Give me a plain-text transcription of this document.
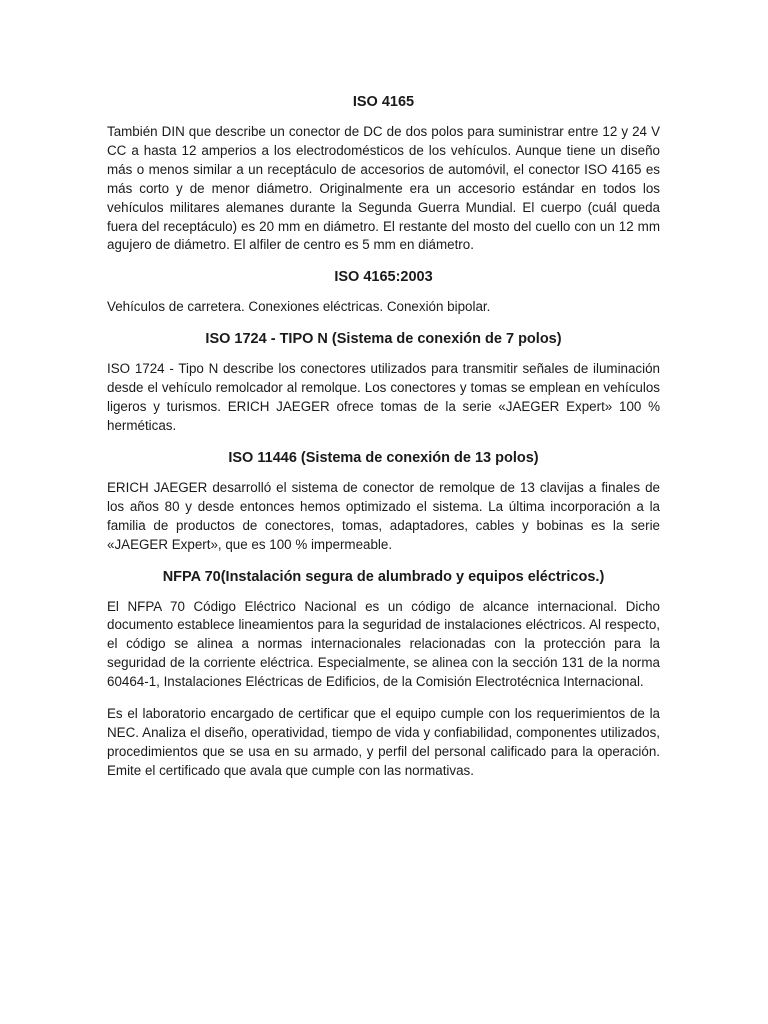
ISO 4165

También DIN que describe un conector de DC de dos polos para suministrar entre 12 y 24 V CC a hasta 12 amperios a los electrodomésticos de los vehículos. Aunque tiene un diseño más o menos similar a un receptáculo de accesorios de automóvil, el conector ISO 4165 es más corto y de menor diámetro. Originalmente era un accesorio estándar en todos los vehículos militares alemanes durante la Segunda Guerra Mundial. El cuerpo (cuál queda fuera del receptáculo) es 20 mm en diámetro. El restante del mosto del cuello con un 12 mm agujero de diámetro. El alfiler de centro es 5 mm en diámetro.

ISO 4165:2003

Vehículos de carretera. Conexiones eléctricas. Conexión bipolar.

ISO 1724 - TIPO N (Sistema de conexión de 7 polos)

ISO 1724 - Tipo N describe los conectores utilizados para transmitir señales de iluminación desde el vehículo remolcador al remolque. Los conectores y tomas se emplean en vehículos ligeros y turismos. ERICH JAEGER ofrece tomas de la serie «JAEGER Expert» 100 % herméticas.

ISO 11446 (Sistema de conexión de 13 polos)

ERICH JAEGER desarrolló el sistema de conector de remolque de 13 clavijas a finales de los años 80 y desde entonces hemos optimizado el sistema. La última incorporación a la familia de productos de conectores, tomas, adaptadores, cables y bobinas es la serie «JAEGER Expert», que es 100 % impermeable.

NFPA 70(Instalación segura de alumbrado y equipos eléctricos.)

El NFPA 70 Código Eléctrico Nacional es un código de alcance internacional. Dicho documento establece lineamientos para la seguridad de instalaciones eléctricos. Al respecto, el código se alinea a normas internacionales relacionadas con la protección para la seguridad de la corriente eléctrica. Especialmente, se alinea con la sección 131 de la norma 60464-1, Instalaciones Eléctricas de Edificios, de la Comisión Electrotécnica Internacional.

Es el laboratorio encargado de certificar que el equipo cumple con los requerimientos de la NEC. Analiza el diseño, operatividad, tiempo de vida y confiabilidad, componentes utilizados, procedimientos que se usa en su armado, y perfil del personal calificado para la operación. Emite el certificado que avala que cumple con las normativas.
